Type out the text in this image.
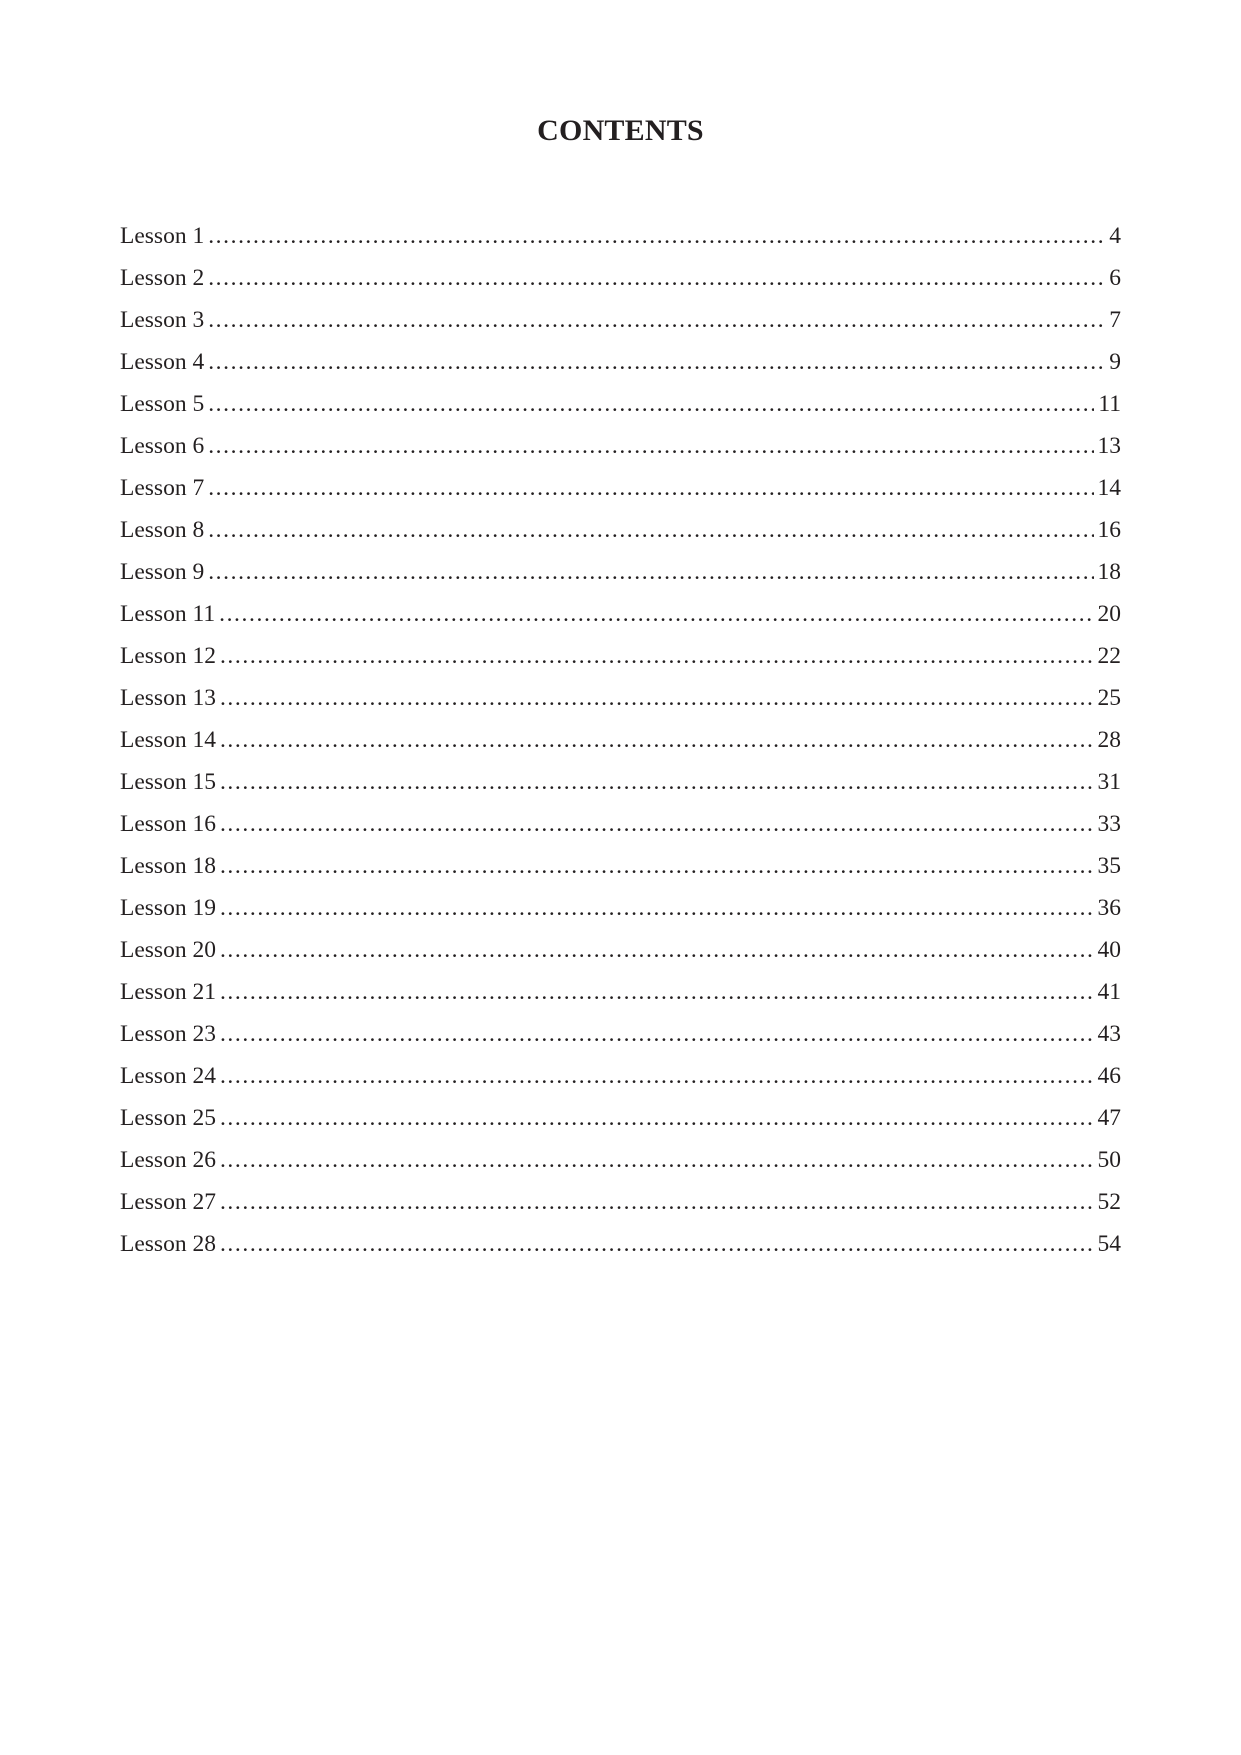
CONTENTS
Lesson 1 .....	4
Lesson 2 .....	6
Lesson 3 .....	7
Lesson 4 .....	9
Lesson 5 .....	11
Lesson 6 .....	13
Lesson 7 .....	14
Lesson 8 .....	16
Lesson 9 .....	18
Lesson 11 .....	20
Lesson 12 .....	22
Lesson 13 .....	25
Lesson 14 .....	28
Lesson 15 .....	31
Lesson 16 .....	33
Lesson 18 .....	35
Lesson 19 .....	36
Lesson 20 .....	40
Lesson 21 .....	41
Lesson 23 .....	43
Lesson 24 .....	46
Lesson 25 .....	47
Lesson 26 .....	50
Lesson 27 .....	52
Lesson 28 .....	54
